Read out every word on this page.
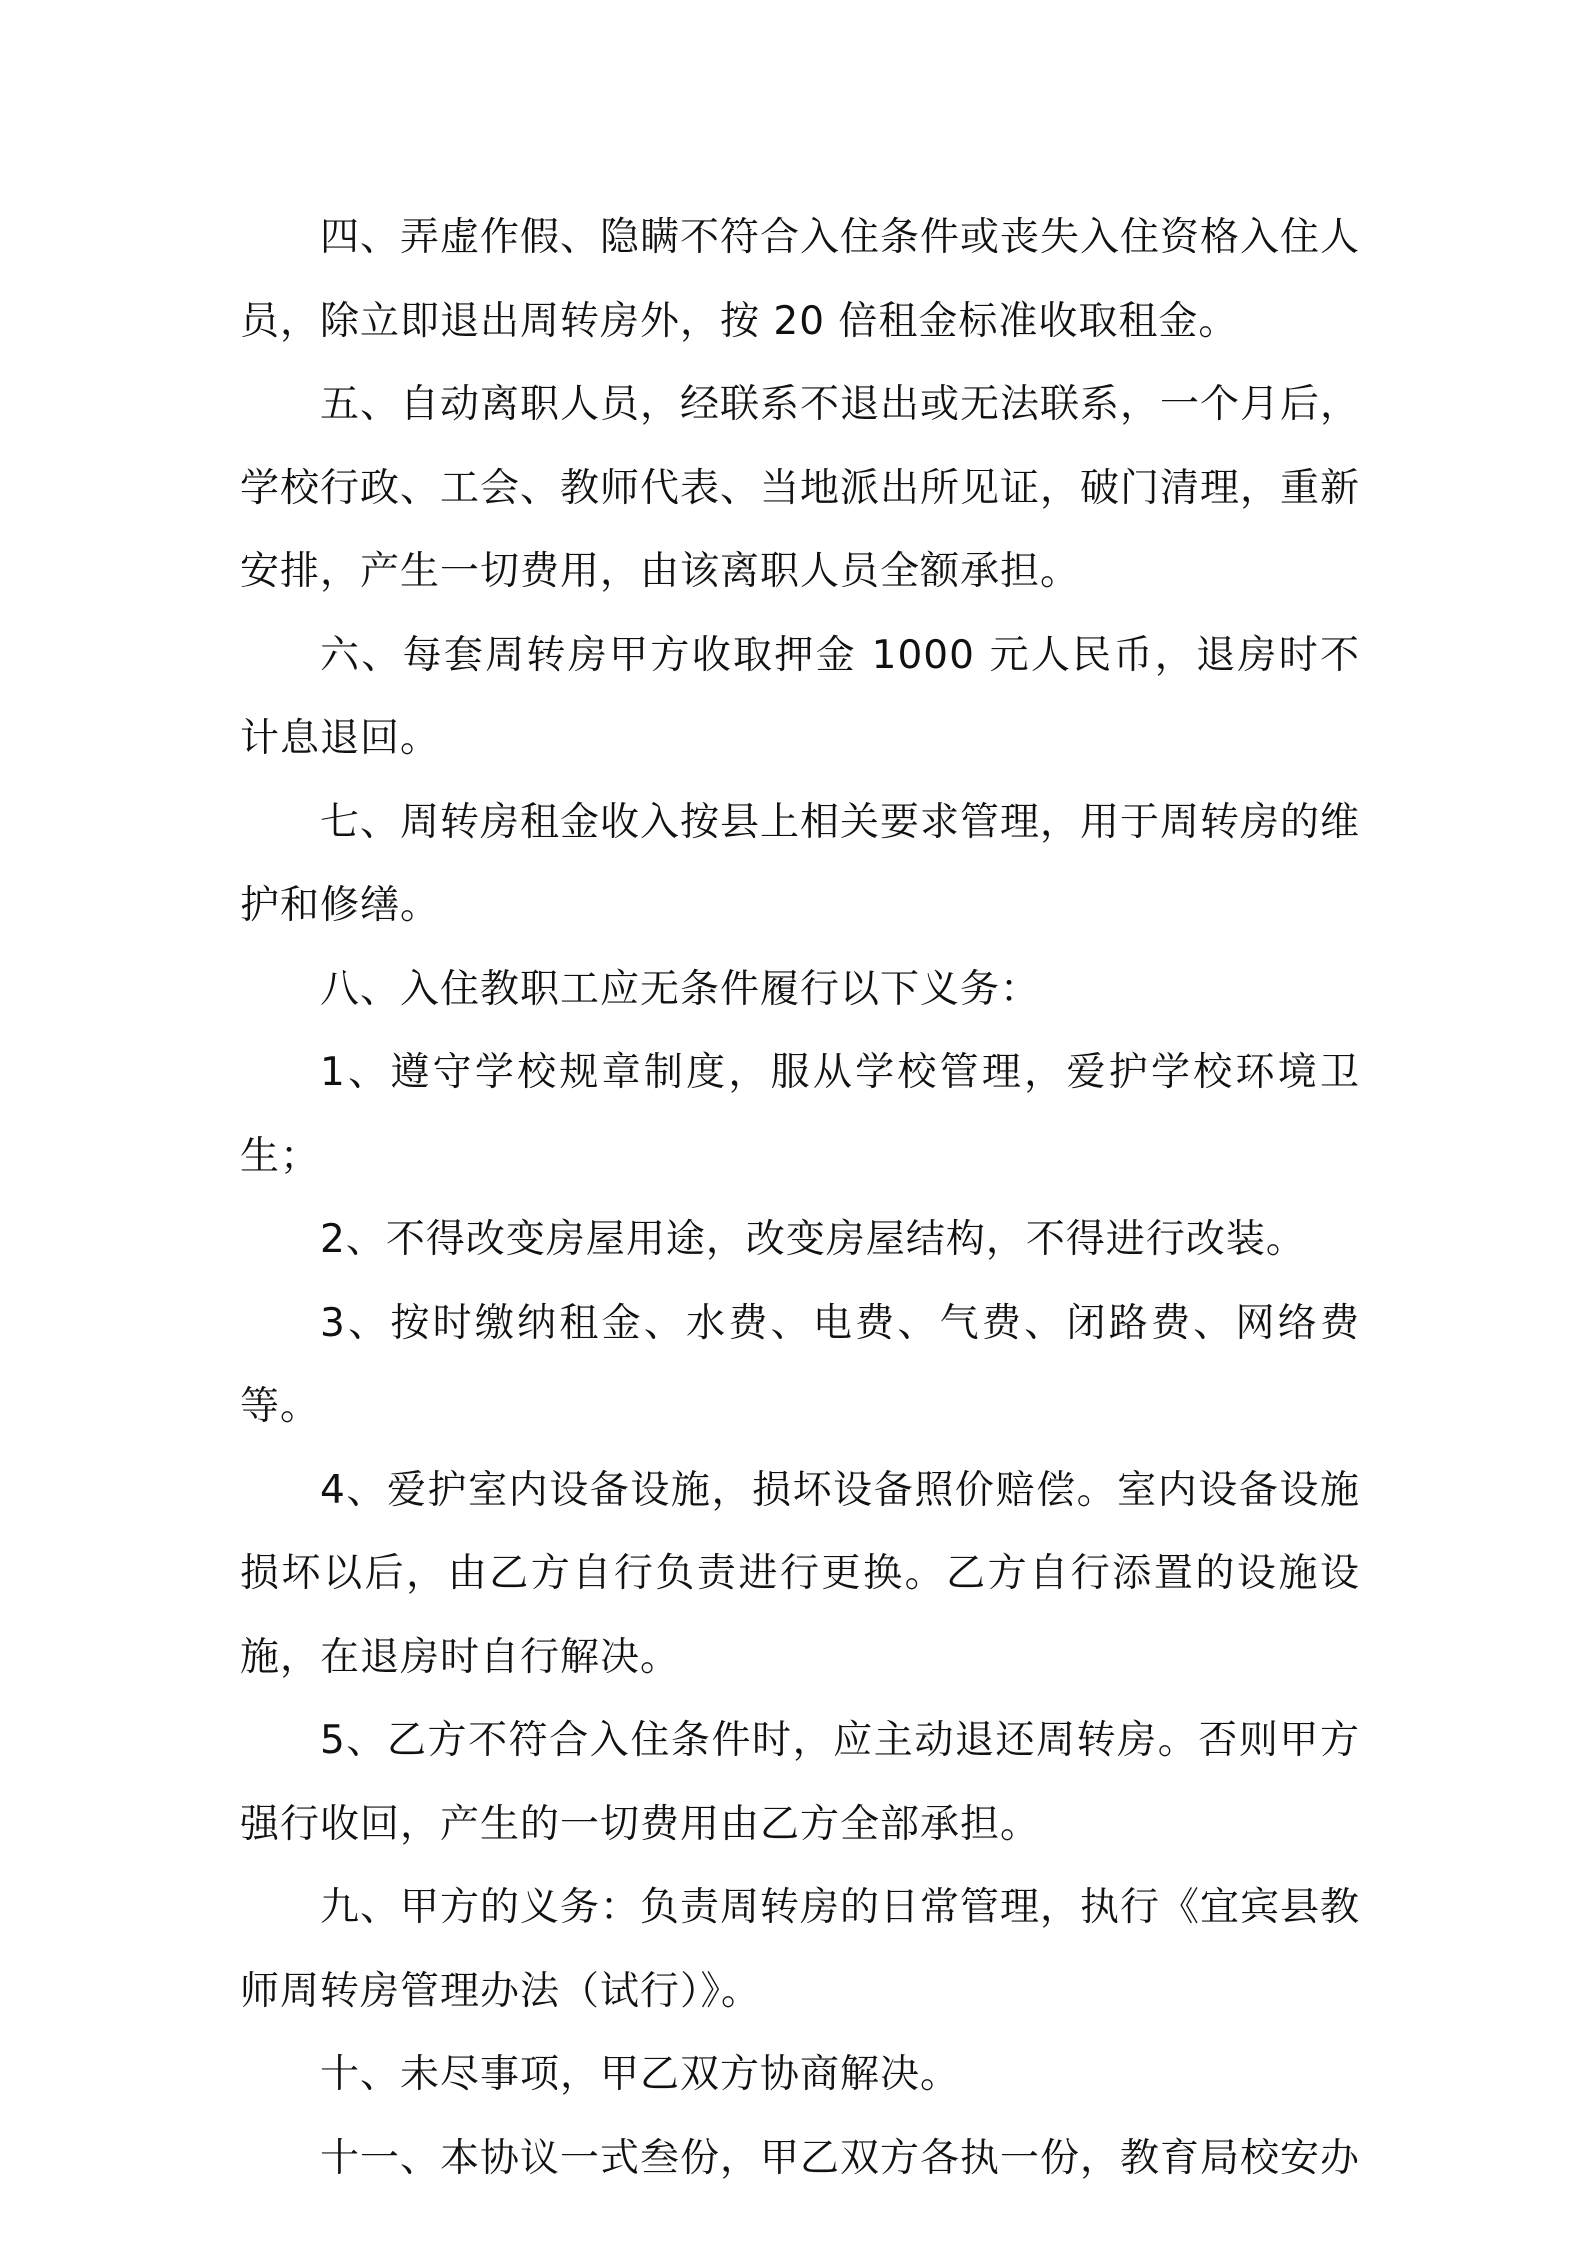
四、弄虚作假、隐瞒不符合入住条件或丧失入住资格入住人员，除立即退出周转房外，按 20 倍租金标准收取租金。

五、自动离职人员，经联系不退出或无法联系，一个月后，学校行政、工会、教师代表、当地派出所见证，破门清理，重新安排，产生一切费用，由该离职人员全额承担。

六、每套周转房甲方收取押金 1000 元人民币，退房时不计息退回。

七、周转房租金收入按县上相关要求管理，用于周转房的维护和修缮。

八、入住教职工应无条件履行以下义务：

1、遵守学校规章制度，服从学校管理，爱护学校环境卫生；

2、不得改变房屋用途，改变房屋结构，不得进行改装。

3、按时缴纳租金、水费、电费、气费、闭路费、网络费等。

4、爱护室内设备设施，损坏设备照价赔偿。室内设备设施损坏以后，由乙方自行负责进行更换。乙方自行添置的设施设施，在退房时自行解决。

5、乙方不符合入住条件时，应主动退还周转房。否则甲方强行收回，产生的一切费用由乙方全部承担。

九、甲方的义务：负责周转房的日常管理，执行《宜宾县教师周转房管理办法（试行）》。

十、未尽事项，甲乙双方协商解决。

十一、本协议一式叁份，甲乙双方各执一份，教育局校安办
